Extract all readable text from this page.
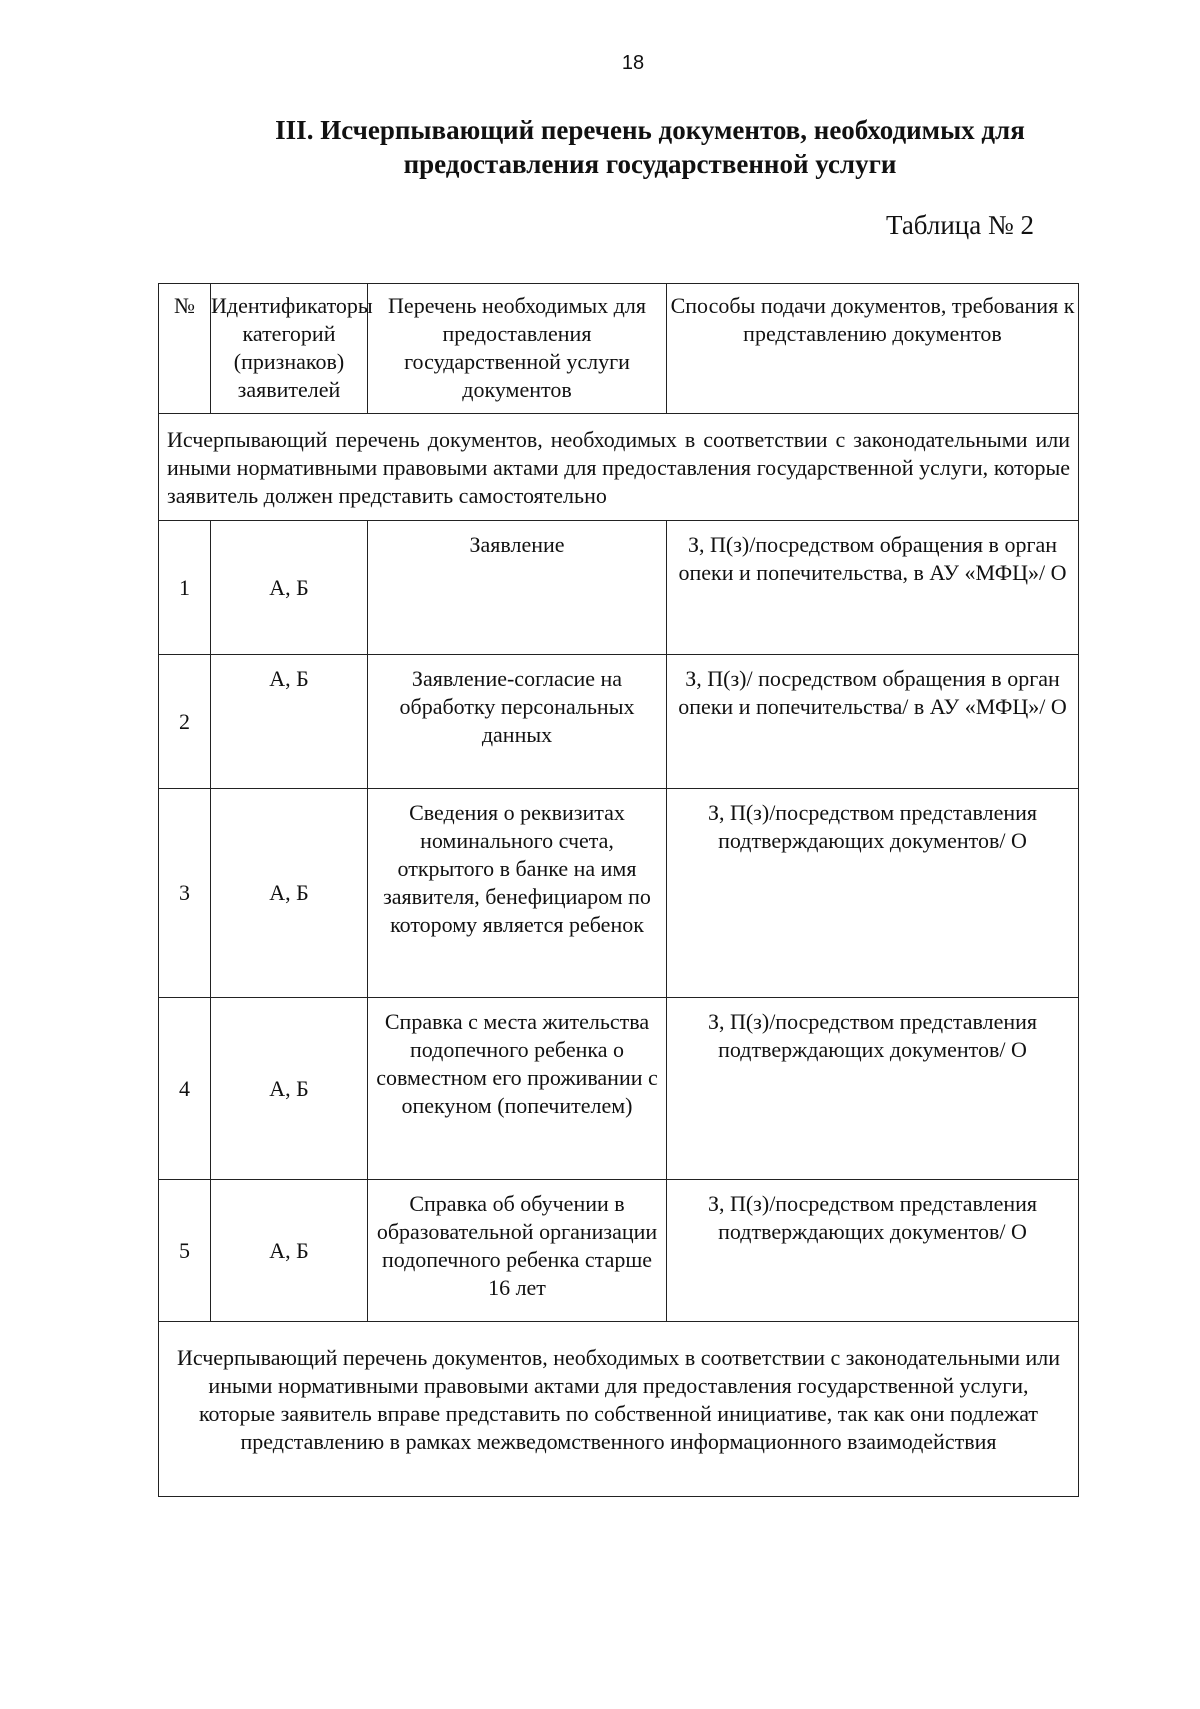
18
III. Исчерпывающий перечень документов, необходимых для предоставления государственной услуги
Таблица № 2
№	Идентификаторы категорий (признаков) заявителей	Перечень необходимых для предоставления государственной услуги документов	Способы подачи документов, требования к представлению документов
Исчерпывающий перечень документов, необходимых в соответствии с законодательными или иными нормативными правовыми актами для предоставления государственной услуги, которые заявитель должен представить самостоятельно			
1	А, Б	Заявление	З, П(з)/посредством обращения в орган опеки и попечительства, в АУ «МФЦ»/ О
2	А, Б	Заявление-согласие на обработку персональных данных	З, П(з)/ посредством обращения в орган опеки и попечительства/ в АУ «МФЦ»/ О
3	А, Б	Сведения о реквизитах номинального счета, открытого в банке на имя заявителя, бенефициаром по которому является ребенок	З, П(з)/посредством представления подтверждающих документов/ О
4	А, Б	Справка с места жительства подопечного ребенка о совместном его проживании с опекуном (попечителем)	З, П(з)/посредством представления подтверждающих документов/ О
5	А, Б	Справка об обучении в образовательной организации подопечного ребенка старше 16 лет	З, П(з)/посредством представления подтверждающих документов/ О
Исчерпывающий перечень документов, необходимых в соответствии с законодательными или иными нормативными правовыми актами для предоставления государственной услуги, которые заявитель вправе представить по собственной инициативе, так как они подлежат представлению в рамках межведомственного информационного взаимодействия			
